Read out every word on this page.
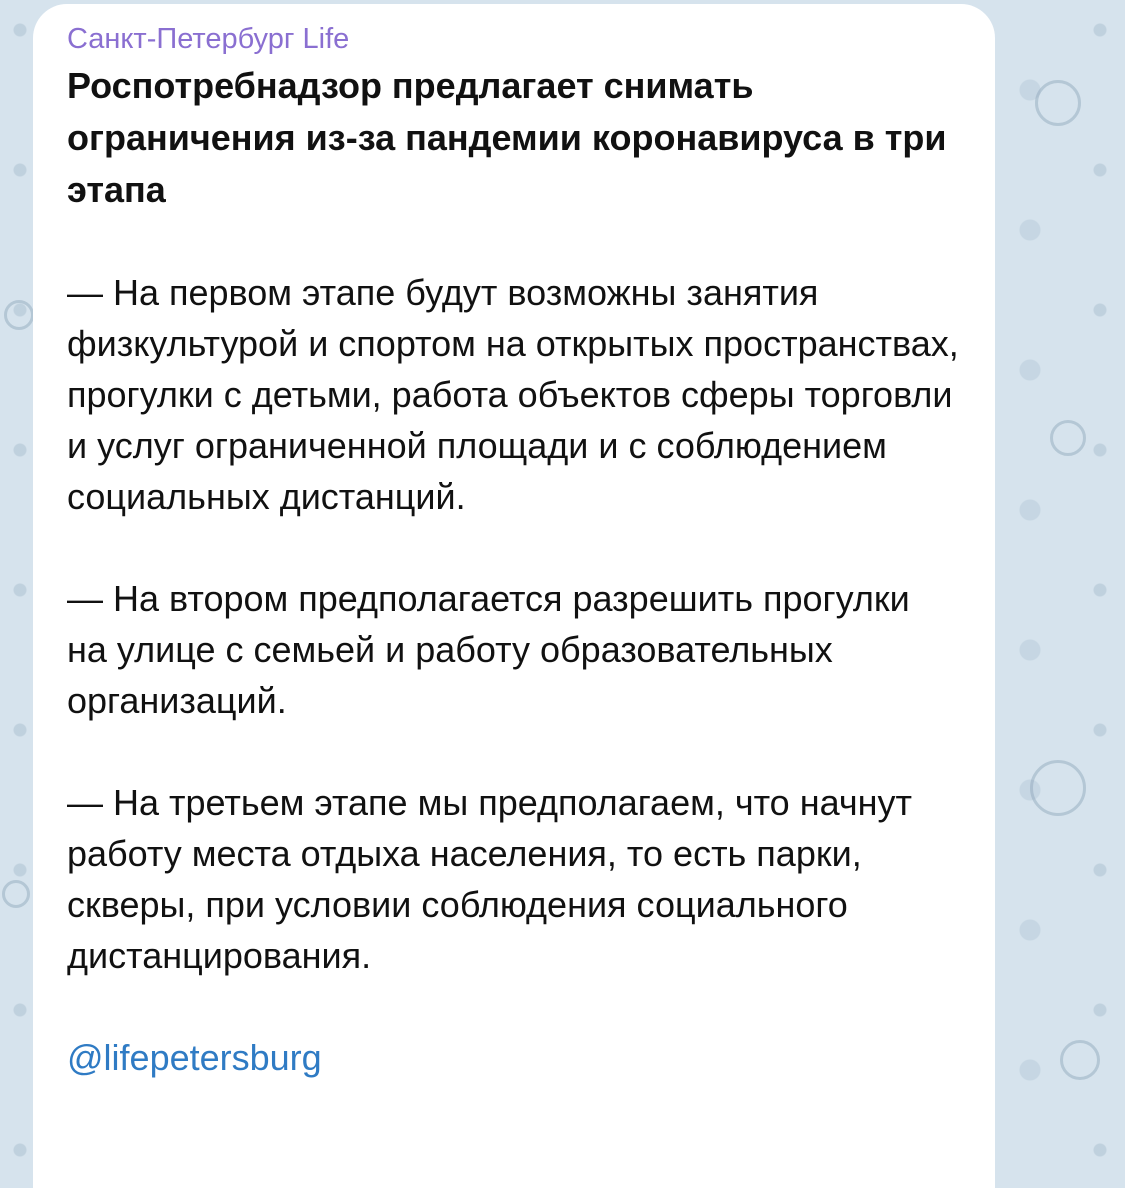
Санкт-Петербург Life

Роспотребнадзор предлагает снимать ограничения из-за пандемии коронавируса в три этапа

— На первом этапе будут возможны занятия физкультурой и спортом на открытых пространствах, прогулки с детьми, работа объектов сферы торговли и услуг ограниченной площади и с соблюдением социальных дистанций.

— На втором предполагается разрешить прогулки на улице с семьей и работу образовательных организаций.

— На третьем этапе мы предполагаем, что начнут работу места отдыха населения, то есть парки, скверы, при условии соблюдения социального дистанцирования.

@lifepetersburg
